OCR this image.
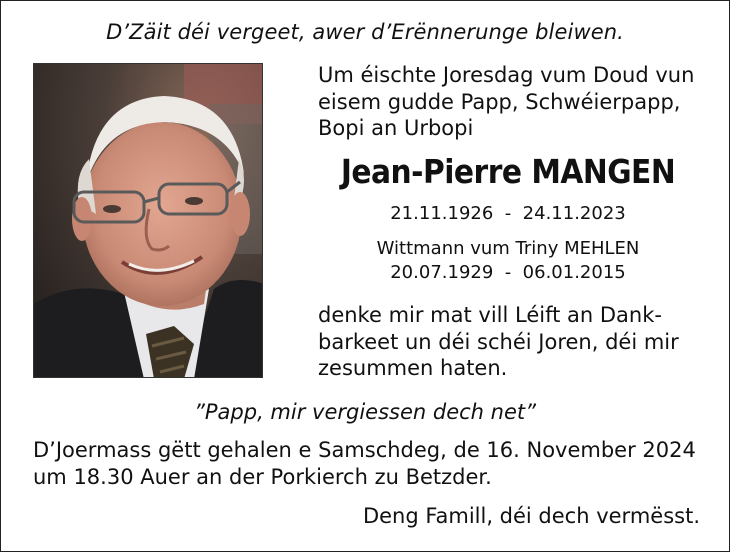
D’Zäit déi vergeet, awer d’Erënnerunge bleiwen.
Um éischte Joresdag vum Doud vun
eisem gudde Papp, Schwéierpapp,
Bopi an Urbopi
Jean-Pierre MANGEN
21.11.1926  -  24.11.2023
Wittmann vum Triny MEHLEN
20.07.1929  -  06.01.2015
denke mir mat vill Léift an Dank-
barkeet un déi schéi Joren, déi mir
zesummen haten.
”Papp, mir vergiessen dech net”
D’Joermass gëtt gehalen e Samschdeg, de 16. November 2024
um 18.30 Auer an der Porkierch zu Betzder.
Deng Famill, déi dech vermësst.
